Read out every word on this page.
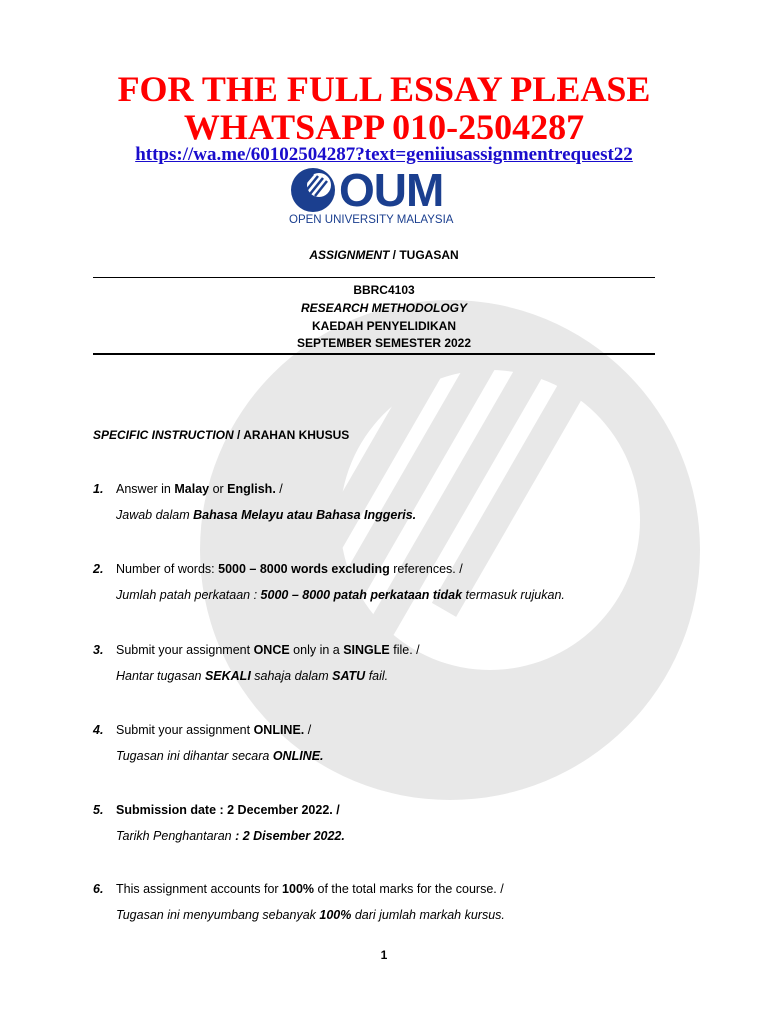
FOR THE FULL ESSAY PLEASE
WHATSAPP 010-2504287
https://wa.me/60102504287?text=geniiusassignmentrequest22
OUM
OPEN UNIVERSITY MALAYSIA
ASSIGNMENT / TUGASAN
BBRC4103
RESEARCH METHODOLOGY
KAEDAH PENYELIDIKAN
SEPTEMBER SEMESTER 2022
SPECIFIC INSTRUCTION / ARAHAN KHUSUS
1. Answer in Malay or English. /
Jawab dalam Bahasa Melayu atau Bahasa Inggeris.
2. Number of words: 5000 – 8000 words excluding references. /
Jumlah patah perkataan : 5000 – 8000 patah perkataan tidak termasuk rujukan.
3. Submit your assignment ONCE only in a SINGLE file. /
Hantar tugasan SEKALI sahaja dalam SATU fail.
4. Submit your assignment ONLINE. /
Tugasan ini dihantar secara ONLINE.
5. Submission date : 2 December 2022. /
Tarikh Penghantaran : 2 Disember 2022.
6. This assignment accounts for 100% of the total marks for the course. /
Tugasan ini menyumbang sebanyak 100% dari jumlah markah kursus.
1
